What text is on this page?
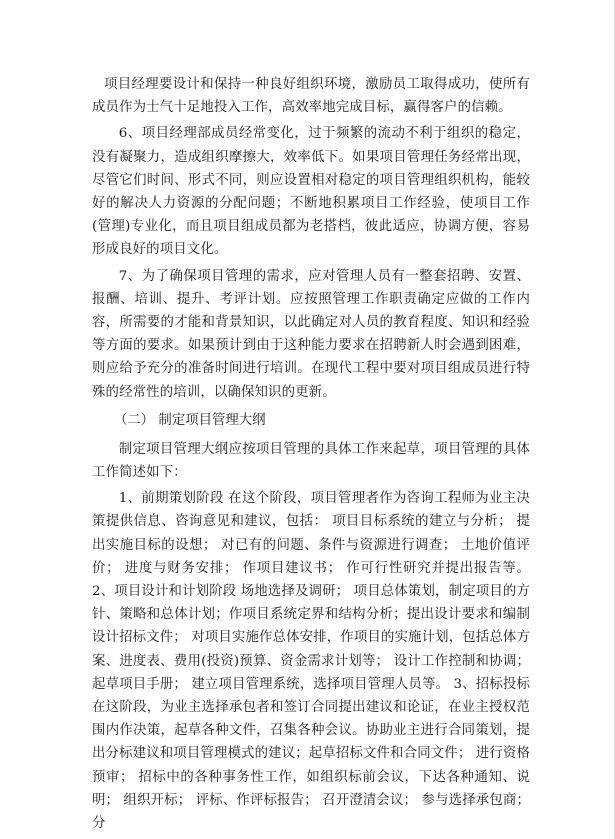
项目经理要设计和保持一种良好组织环境，激励员工取得成功，使所有成员作为士气十足地投入工作，高效率地完成目标，赢得客户的信赖。

6、项目经理部成员经常变化，过于频繁的流动不利于组织的稳定，没有凝聚力，造成组织摩擦大，效率低下。如果项目管理任务经常出现，尽管它们时间、形式不同，则应设置相对稳定的项目管理组织机构，能较好的解决人力资源的分配问题；不断地积累项目工作经验，使项目工作(管理)专业化，而且项目组成员都为老搭档，彼此适应，协调方便，容易形成良好的项目文化。

7、为了确保项目管理的需求，应对管理人员有一整套招聘、安置、报酬、培训、提升、考评计划。应按照管理工作职责确定应做的工作内容，所需要的才能和背景知识，以此确定对人员的教育程度、知识和经验等方面的要求。如果预计到由于这种能力要求在招聘新人时会遇到困难，则应给予充分的准备时间进行培训。在现代工程中要对项目组成员进行特殊的经常性的培训，以确保知识的更新。

（二） 制定项目管理大纲

制定项目管理大纲应按项目管理的具体工作来起草，项目管理的具体工作简述如下：

1、前期策划阶段 在这个阶段，项目管理者作为咨询工程师为业主决策提供信息、咨询意见和建议，包括： 项目目标系统的建立与分析； 提出实施目标的设想； 对已有的问题、条件与资源进行调查； 土地价值评价； 进度与财务安排； 作项目建议书； 作可行性研究并提出报告等。 2、项目设计和计划阶段 场地选择及调研； 项目总体策划，制定项目的方针、策略和总体计划；作项目系统定界和结构分析；提出设计要求和编制设计招标文件； 对项目实施作总体安排，作项目的实施计划，包括总体方案、进度表、费用(投资)预算、资金需求计划等； 设计工作控制和协调； 起草项目手册； 建立项目管理系统，选择项目管理人员等。 3、招标投标在这阶段，为业主选择承包者和签订合同提出建议和论证，在业主授权范围内作决策，起草各种文件，召集各种会议。协助业主进行合同策划，提出分标建议和项目管理模式的建议；起草招标文件和合同文件； 进行资格预审； 招标中的各种事务性工作，如组织标前会议，下达各种通知、说明； 组织开标； 评标、作评标报告； 召开澄清会议； 参与选择承包商； 分
